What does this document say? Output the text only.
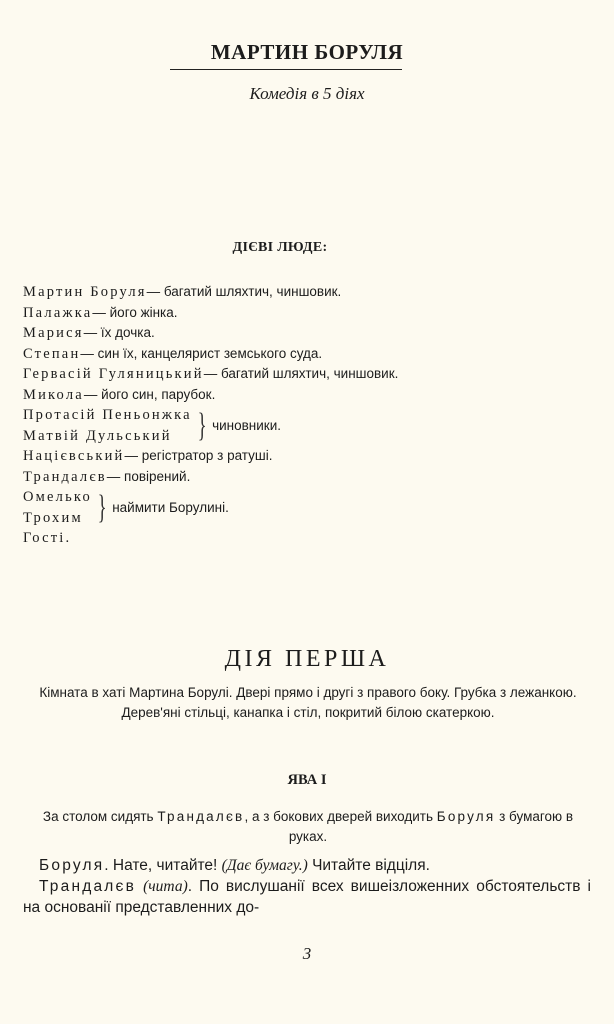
МАРТИН БОРУЛЯ
Комедія в 5 діях
ДІЄВІ ЛЮДЕ:
Мартин Боруля— багатий шляхтич, чиншовик.
Палажка— його жінка.
Марися— їх дочка.
Степан— син їх, канцелярист земського суда.
Гервасій Гуляницький— багатий шляхтич, чиншовик.
Микола— його син, парубок.
Протасій Пеньонжка
Матвій Дульський } чиновники.
Націєвський— регістратор з ратуші.
Трандалєв— повірений.
Омелько
Трохим } наймити Борулині.
Гості.
ДІЯ ПЕРША
Кімната в хаті Мартина Борулі. Двері прямо і другі з правого боку. Грубка з лежанкою. Дерев'яні стільці, канапка і стіл, покритий білою скатеркою.
ЯВА І
За столом сидять Трандалєв, а з бокових дверей виходить Боруля з бумагою в руках.

Боруля. Нате, читайте! (Дає бумагу.) Читайте відціля.

Трандалєв (чита). По вислушанії всех вишеізложенних обстоятельств і на основанії представленних до-

3
